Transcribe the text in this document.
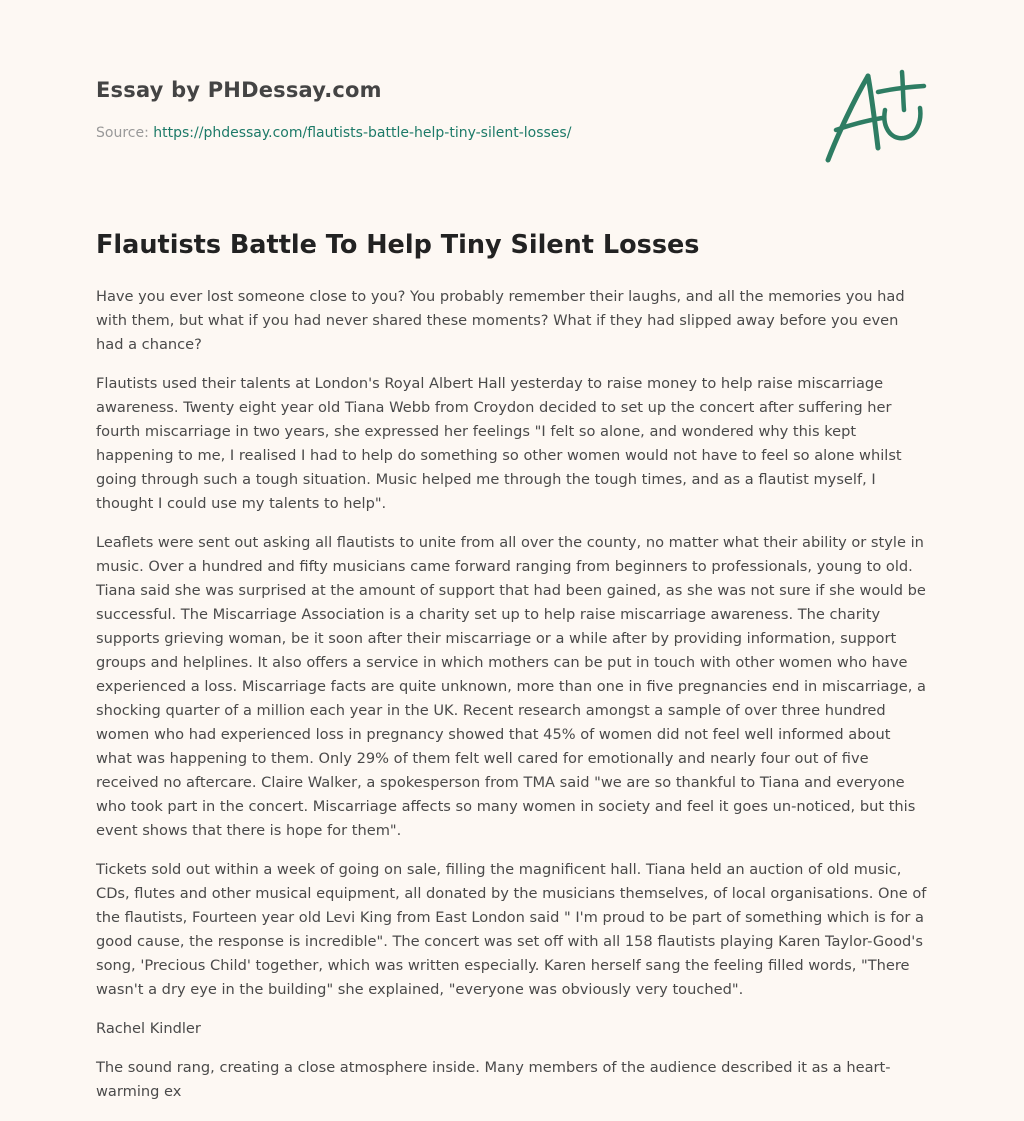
Essay by PHDessay.com
Source: https://phdessay.com/flautists-battle-help-tiny-silent-losses/
Flautists Battle To Help Tiny Silent Losses

Have you ever lost someone close to you? You probably remember their laughs, and all the memories you had with them, but what if you had never shared these moments? What if they had slipped away before you even had a chance?

Flautists used their talents at London's Royal Albert Hall yesterday to raise money to help raise miscarriage awareness. Twenty eight year old Tiana Webb from Croydon decided to set up the concert after suffering her fourth miscarriage in two years, she expressed her feelings "I felt so alone, and wondered why this kept happening to me, I realised I had to help do something so other women would not have to feel so alone whilst going through such a tough situation. Music helped me through the tough times, and as a flautist myself, I thought I could use my talents to help".

Leaflets were sent out asking all flautists to unite from all over the county, no matter what their ability or style in music. Over a hundred and fifty musicians came forward ranging from beginners to professionals, young to old. Tiana said she was surprised at the amount of support that had been gained, as she was not sure if she would be successful. The Miscarriage Association is a charity set up to help raise miscarriage awareness. The charity supports grieving woman, be it soon after their miscarriage or a while after by providing information, support groups and helplines. It also offers a service in which mothers can be put in touch with other women who have experienced a loss. Miscarriage facts are quite unknown, more than one in five pregnancies end in miscarriage, a shocking quarter of a million each year in the UK. Recent research amongst a sample of over three hundred women who had experienced loss in pregnancy showed that 45% of women did not feel well informed about what was happening to them. Only 29% of them felt well cared for emotionally and nearly four out of five received no aftercare. Claire Walker, a spokesperson from TMA said "we are so thankful to Tiana and everyone who took part in the concert. Miscarriage affects so many women in society and feel it goes un-noticed, but this event shows that there is hope for them".

Tickets sold out within a week of going on sale, filling the magnificent hall. Tiana held an auction of old music, CDs, flutes and other musical equipment, all donated by the musicians themselves, of local organisations. One of the flautists, Fourteen year old Levi King from East London said " I'm proud to be part of something which is for a good cause, the response is incredible". The concert was set off with all 158 flautists playing Karen Taylor-Good's song, 'Precious Child' together, which was written especially. Karen herself sang the feeling filled words, "There wasn't a dry eye in the building" she explained, "everyone was obviously very touched".

Rachel Kindler

The sound rang, creating a close atmosphere inside. Many members of the audience described it as a heart-warming ex
